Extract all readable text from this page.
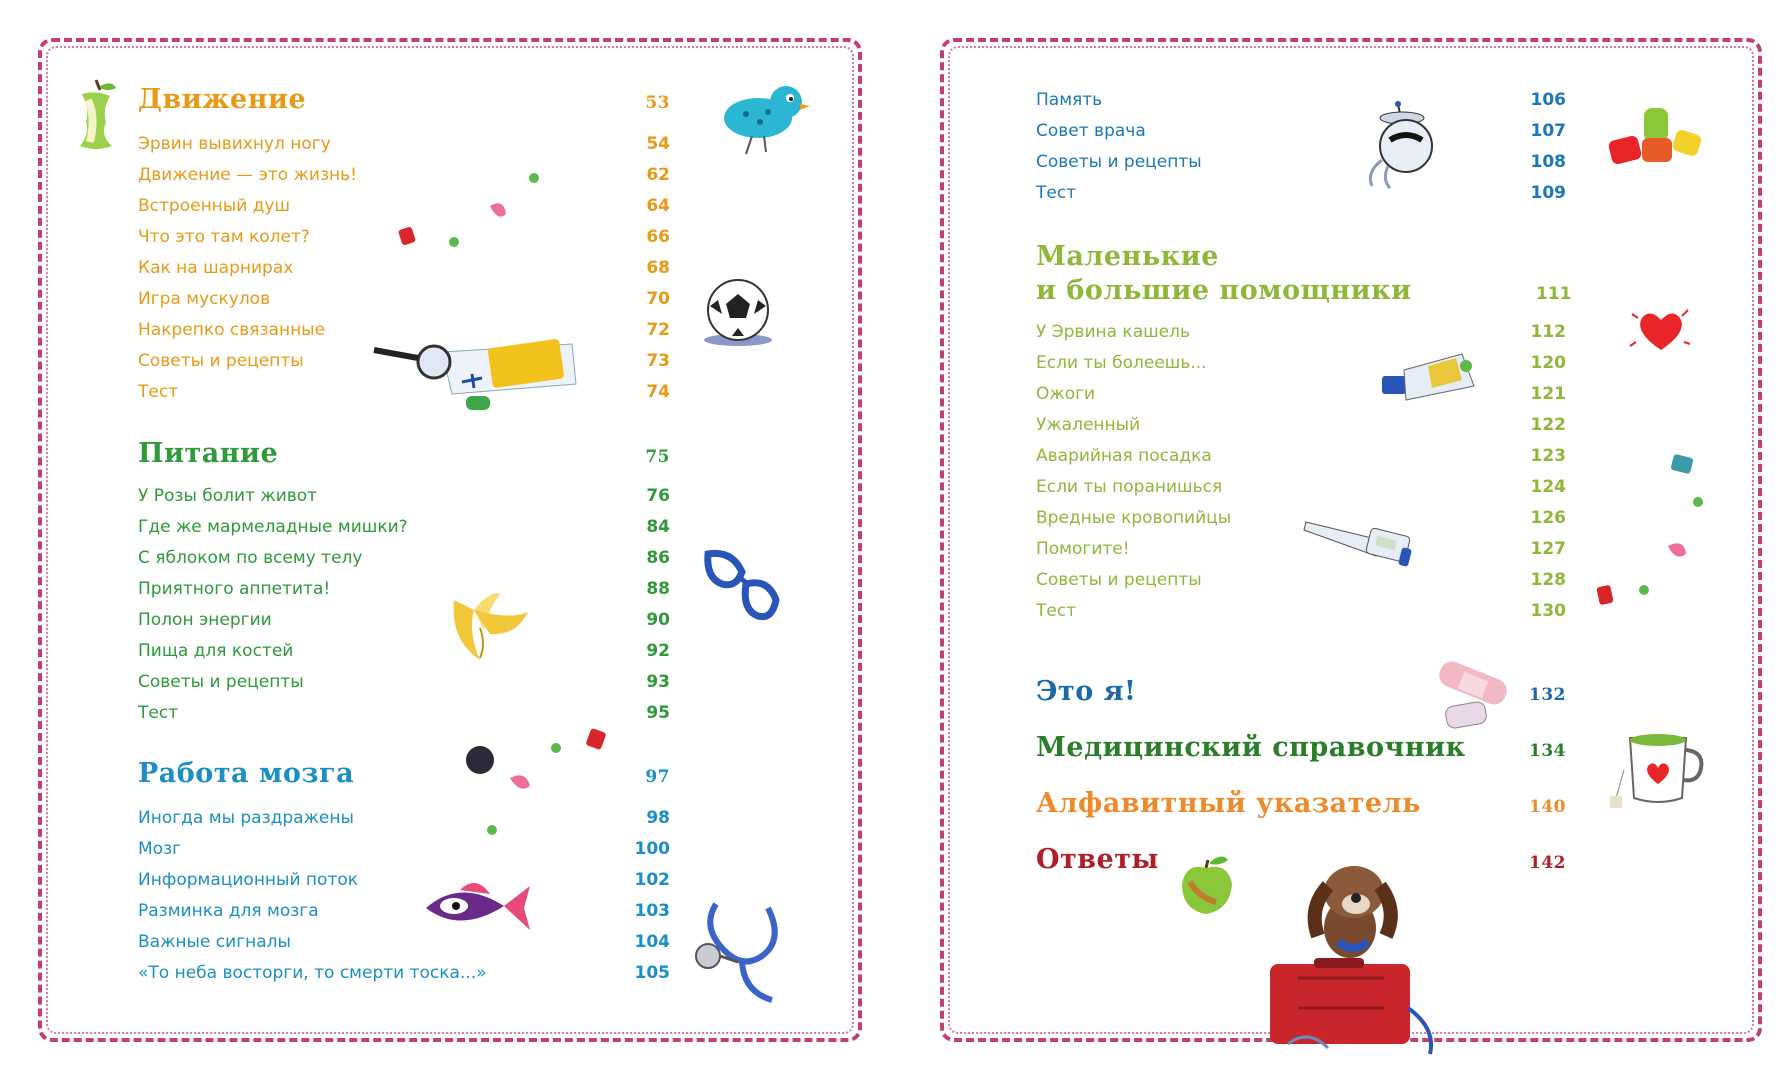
Движение	53
Эрвин вывихнул ногу	54
Движение — это жизнь!	62
Встроенный душ	64
Что это там колет?	66
Как на шарнирах	68
Игра мускулов	70
Накрепко связанные	72
Советы и рецепты	73
Тест	74
Питание	75
У Розы болит живот	76
Где же мармеладные мишки?	84
С яблоком по всему телу	86
Приятного аппетита!	88
Полон энергии	90
Пища для костей	92
Советы и рецепты	93
Тест	95
Работа мозга	97
Иногда мы раздражены	98
Мозг	100
Информационный поток	102
Разминка для мозга	103
Важные сигналы	104
«То неба восторги, то смерти тоска...»	105
Память	106
Совет врача	107
Советы и рецепты	108
Тест	109
Маленькие
и большие помощники	111
У Эрвина кашель	112
Если ты болеешь...	120
Ожоги	121
Ужаленный	122
Аварийная посадка	123
Если ты поранишься	124
Вредные кровопийцы	126
Помогите!	127
Советы и рецепты	128
Тест	130
Это я!	132
Медицинский справочник	134
Алфавитный указатель	140
Ответы	142
